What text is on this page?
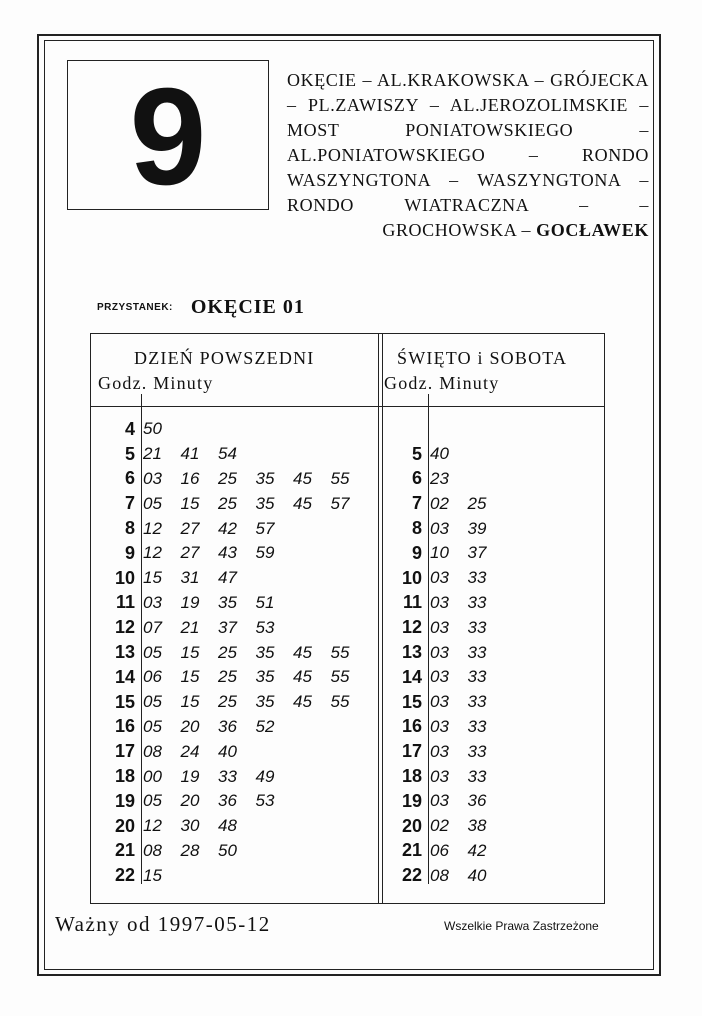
9	OKĘCIE – AL.KRAKOWSKA – GRÓJECKA – PL.ZAWISZY – AL.JEROZOLIMSKIE – MOST PONIATOWSKIEGO – AL.PONIATOWSKIEGO – RONDO WASZYNGTONA – WASZYNGTONA – RONDO WIATRACZNA – – GROCHOWSKA – GOCŁAWEK
PRZYSTANEK: OKĘCIE 01
DZIEŃ POWSZEDNI
Godz. Minuty
ŚWIĘTO i SOBOTA
Godz. Minuty
4 50
5 21 41 54
6 03 16 25 35 45 55
7 05 15 25 35 45 57
8 12 27 42 57
9 12 27 43 59
10 15 31 47
11 03 19 35 51
12 07 21 37 53
13 05 15 25 35 45 55
14 06 15 25 35 45 55
15 05 15 25 35 45 55
16 05 20 36 52
17 08 24 40
18 00 19 33 49
19 05 20 36 53
20 12 30 48
21 08 28 50
22 15
5 40
6 23
7 02 25
8 03 39
9 10 37
10 03 33
11 03 33
12 03 33
13 03 33
14 03 33
15 03 33
16 03 33
17 03 33
18 03 33
19 03 36
20 02 38
21 06 42
22 08 40
Ważny od 1997-05-12	Wszelkie Prawa Zastrzeżone
